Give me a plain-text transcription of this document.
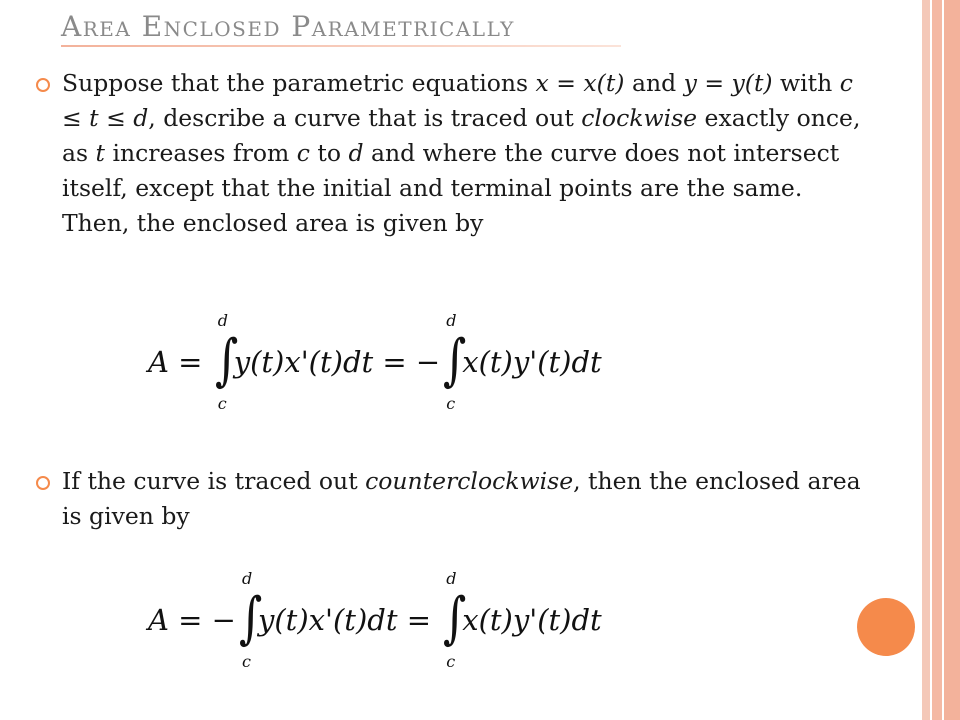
Area Enclosed Parametrically

Suppose that the parametric equations x = x(t) and y = y(t) with c ≤ t ≤ d, describe a curve that is traced out clockwise exactly once, as t increases from c to d and where the curve does not intersect itself, except that the initial and terminal points are the same. Then, the enclosed area is given by

A =
d
∫
c
y(t)x'(t)dt = −
d
∫
c
x(t)y'(t)dt

If the curve is traced out counterclockwise, then the enclosed area is given by

A = −
d
∫
c
y(t)x'(t)dt =
d
∫
c
x(t)y'(t)dt
